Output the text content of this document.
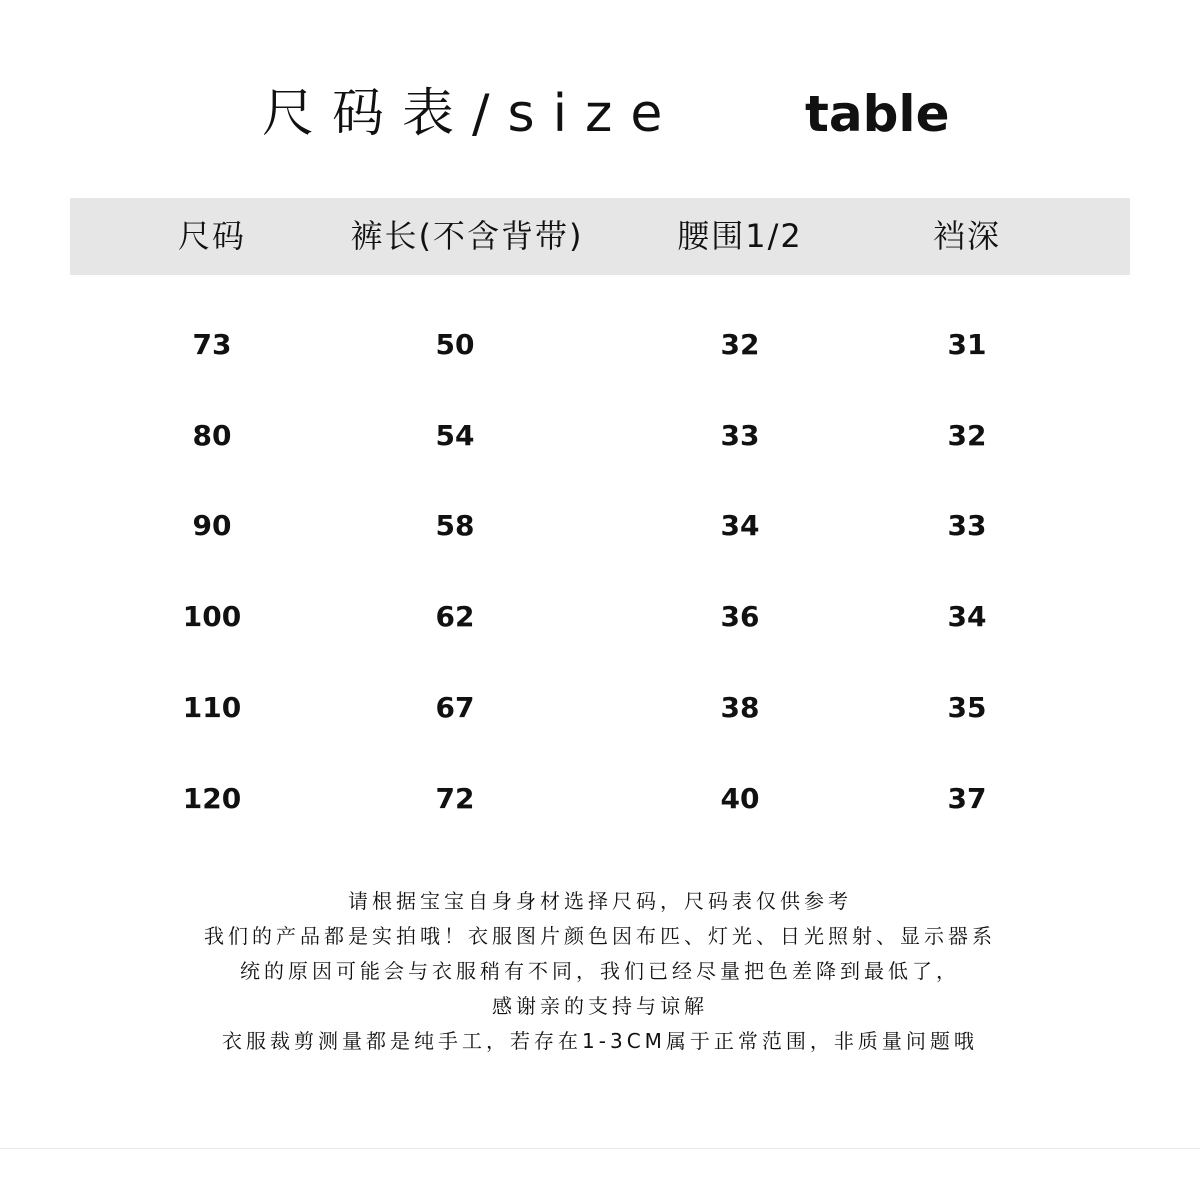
尺码表/size table
尺码	裤长(不含背带)	腰围1/2	裆深
73	50	32	31
80	54	33	32
90	58	34	33
100	62	36	34
110	67	38	35
120	72	40	37
请根据宝宝自身身材选择尺码，尺码表仅供参考
我们的产品都是实拍哦！衣服图片颜色因布匹、灯光、日光照射、显示器系
统的原因可能会与衣服稍有不同，我们已经尽量把色差降到最低了，
感谢亲的支持与谅解
衣服裁剪测量都是纯手工，若存在1-3CM属于正常范围，非质量问题哦
